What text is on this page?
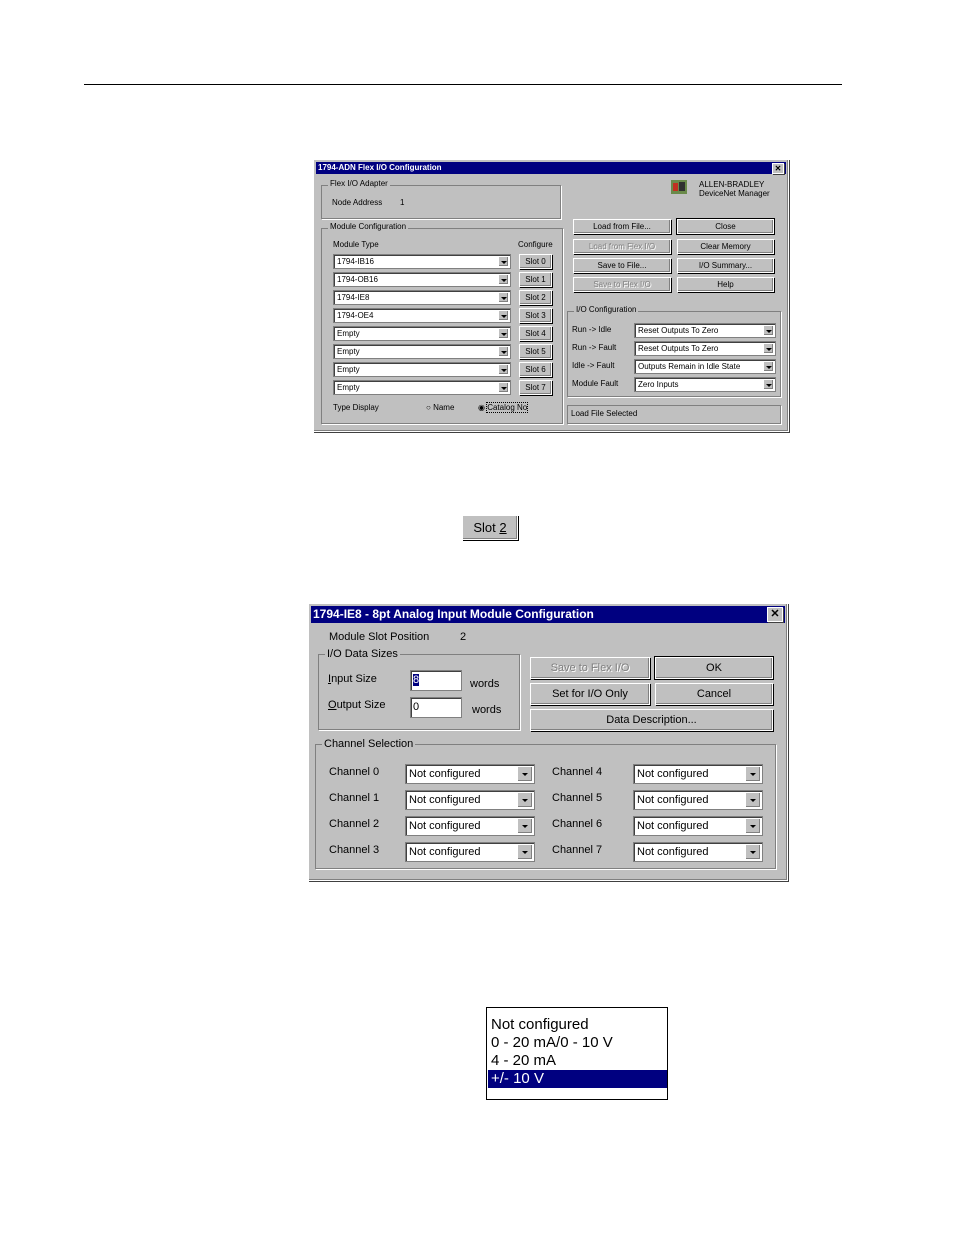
1794-ADN Flex I/O Configuration	✕
Flex I/O Adapter
Node Address 1
ALLEN-BRADLEY
DeviceNet Manager
Module Configuration
Module Type	Configure
1794-IB16	Slot 0
1794-OB16	Slot 1
1794-IE8	Slot 2
1794-OE4	Slot 3
Empty	Slot 4
Empty	Slot 5
Empty	Slot 6
Empty	Slot 7
Type Display	○ Name	◉ Catalog No
Load from File...	Close
Load from Flex I/O	Clear Memory
Save to File...	I/O Summary...
Save to Flex I/O	Help
I/O Configuration
Run -> Idle	Reset Outputs To Zero
Run -> Fault	Reset Outputs To Zero
Idle -> Fault	Outputs Remain in Idle State
Module Fault Zero Inputs
Load File Selected
Slot 2
1794-IE8 - 8pt Analog Input Module Configuration	✕
Module Slot Position	2
I/O Data Sizes
Input Size	8	words
Output Size	0	words
Save to Flex I/O	OK
Set for I/O Only	Cancel
Data Description...
Channel Selection
Channel 0	Not configured
Channel 1	Not configured
Channel 2	Not configured
Channel 3	Not configured
Channel 4	Not configured
Channel 5	Not configured
Channel 6	Not configured
Channel 7	Not configured
Not configured
0 - 20 mA/0 - 10 V
4 - 20 mA
+/- 10 V
